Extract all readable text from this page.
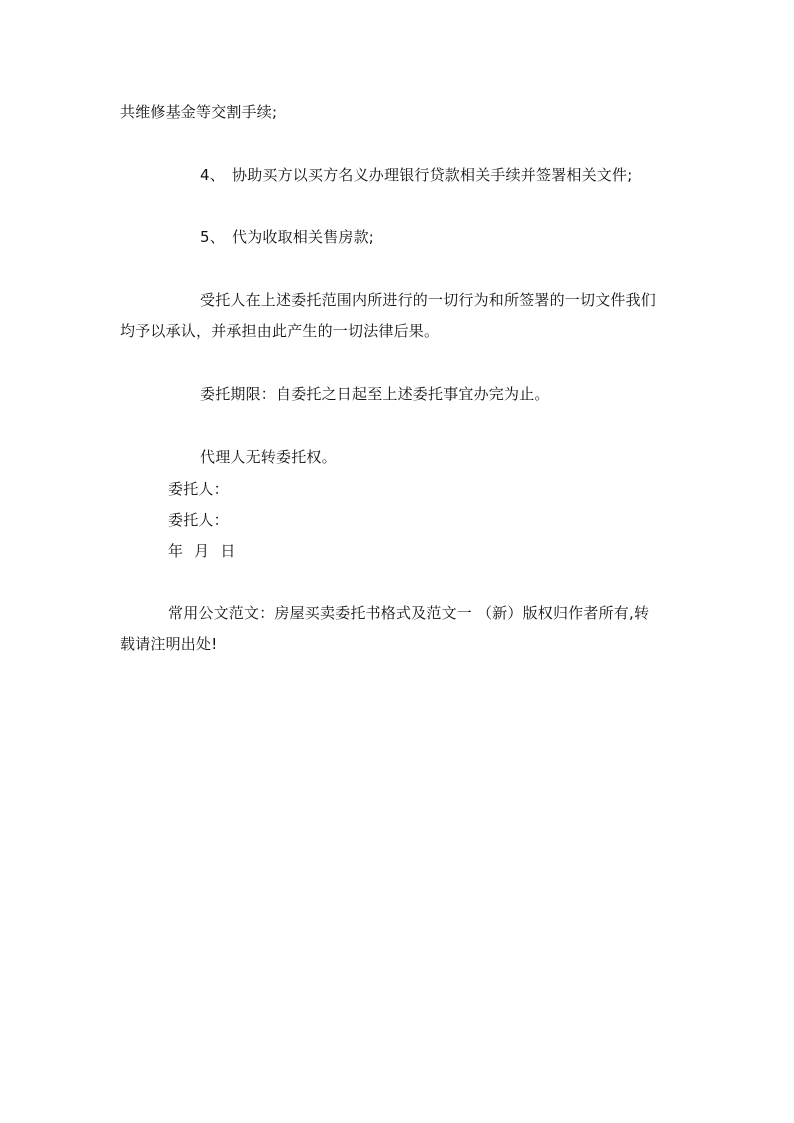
共维修基金等交割手续;
4、 协助买方以买方名义办理银行贷款相关手续并签署相关文件;
5、 代为收取相关售房款;
受托人在上述委托范围内所进行的一切行为和所签署的一切文件我们
均予以承认，并承担由此产生的一切法律后果。
委托期限：自委托之日起至上述委托事宜办完为止。
代理人无转委托权。
委托人：
委托人：
年 月 日
常用公文范文：房屋买卖委托书格式及范文一 （新）版权归作者所有,转
载请注明出处!
